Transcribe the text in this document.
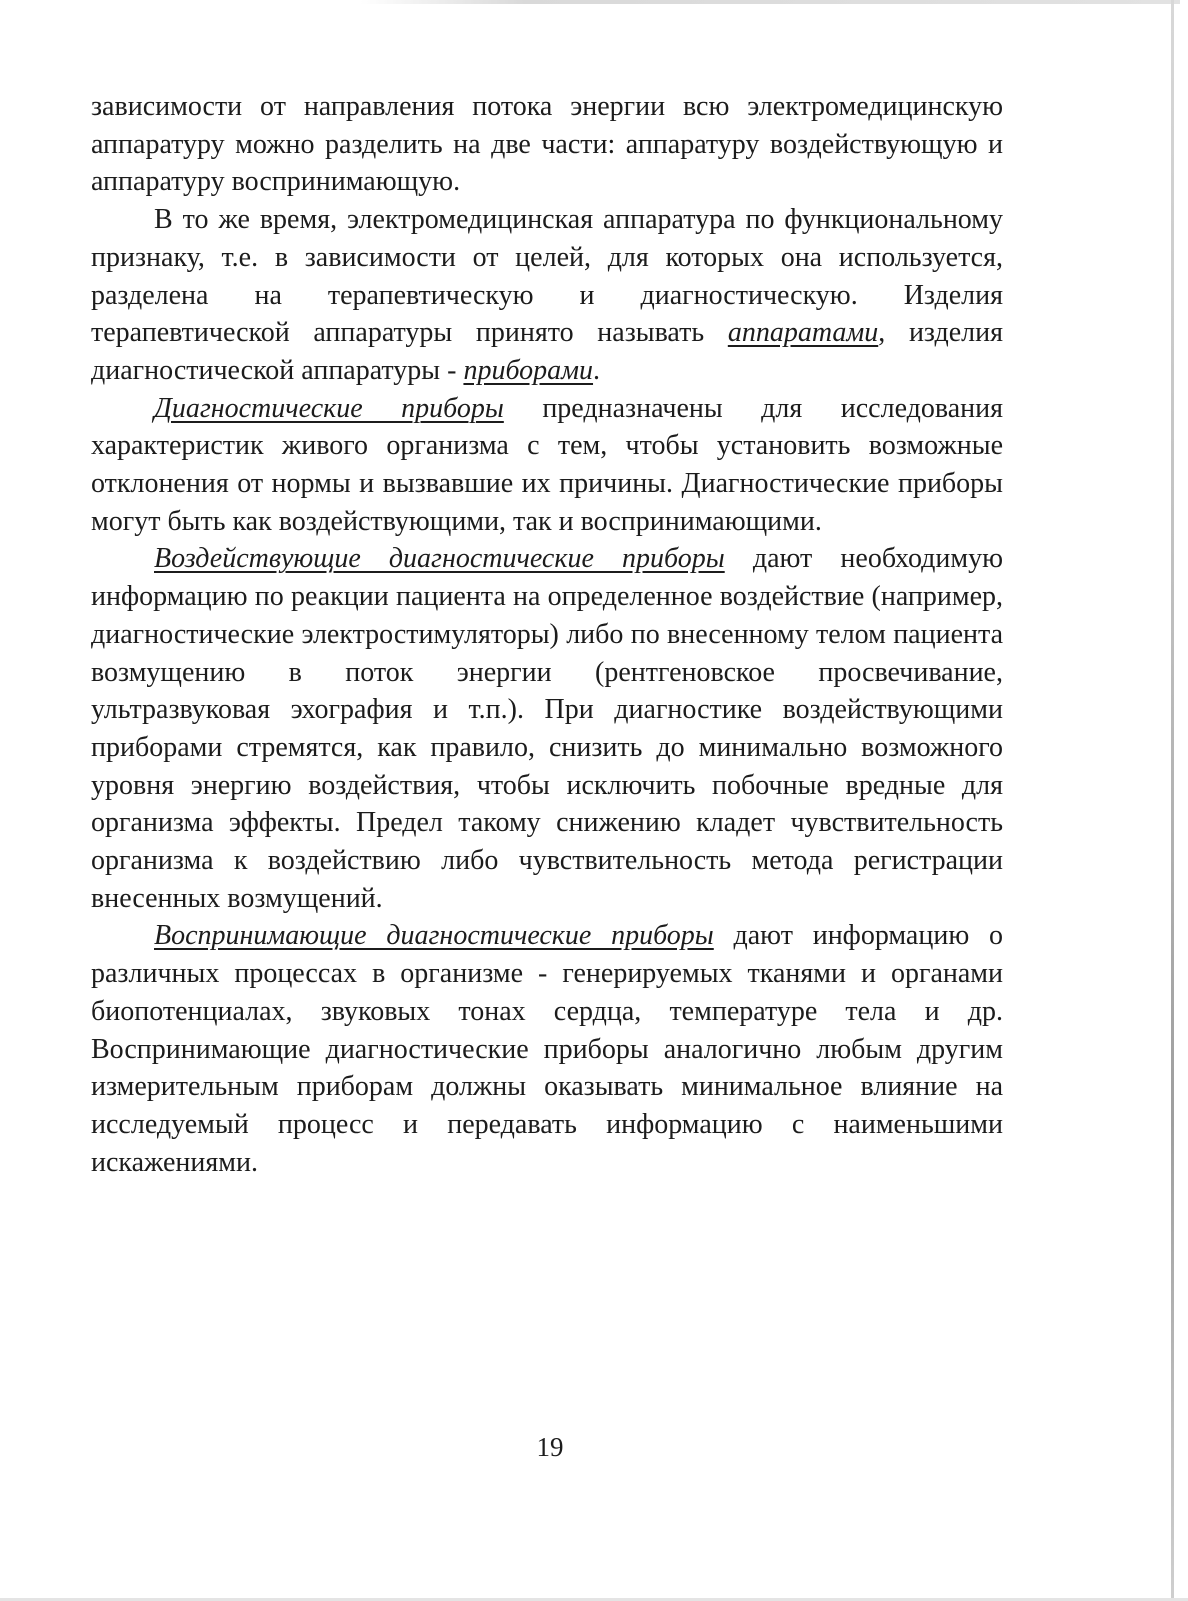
зависимости от направления потока энергии всю электромедицинскую аппаратуру можно разделить на две части: аппаратуру воздействующую и аппаратуру воспринимающую.

В то же время, электромедицинская аппаратура по функциональному признаку, т.е. в зависимости от целей, для которых она используется, разделена на терапевтическую и диагностическую. Изделия терапевтической аппаратуры принято называть аппаратами, изделия диагностической аппаратуры - приборами.

Диагностические приборы предназначены для исследования характеристик живого организма с тем, чтобы установить возможные отклонения от нормы и вызвавшие их причины. Диагностические приборы могут быть как воздействующими, так и воспринимающими.

Воздействующие диагностические приборы дают необходимую информацию по реакции пациента на определенное воздействие (например, диагностические электростимуляторы) либо по внесенному телом пациента возмущению в поток энергии (рентгеновское просвечивание, ультразвуковая эхография и т.п.). При диагностике воздействующими приборами стремятся, как правило, снизить до минимально возможного уровня энергию воздействия, чтобы исключить побочные вредные для организма эффекты. Предел такому снижению кладет чувствительность организма к воздействию либо чувствительность метода регистрации внесенных возмущений.

Воспринимающие диагностические приборы дают информацию о различных процессах в организме - генерируемых тканями и органами биопотенциалах, звуковых тонах сердца, температуре тела и др. Воспринимающие диагностические приборы аналогично любым другим измерительным приборам должны оказывать минимальное влияние на исследуемый процесс и передавать информацию с наименьшими искажениями.

19
